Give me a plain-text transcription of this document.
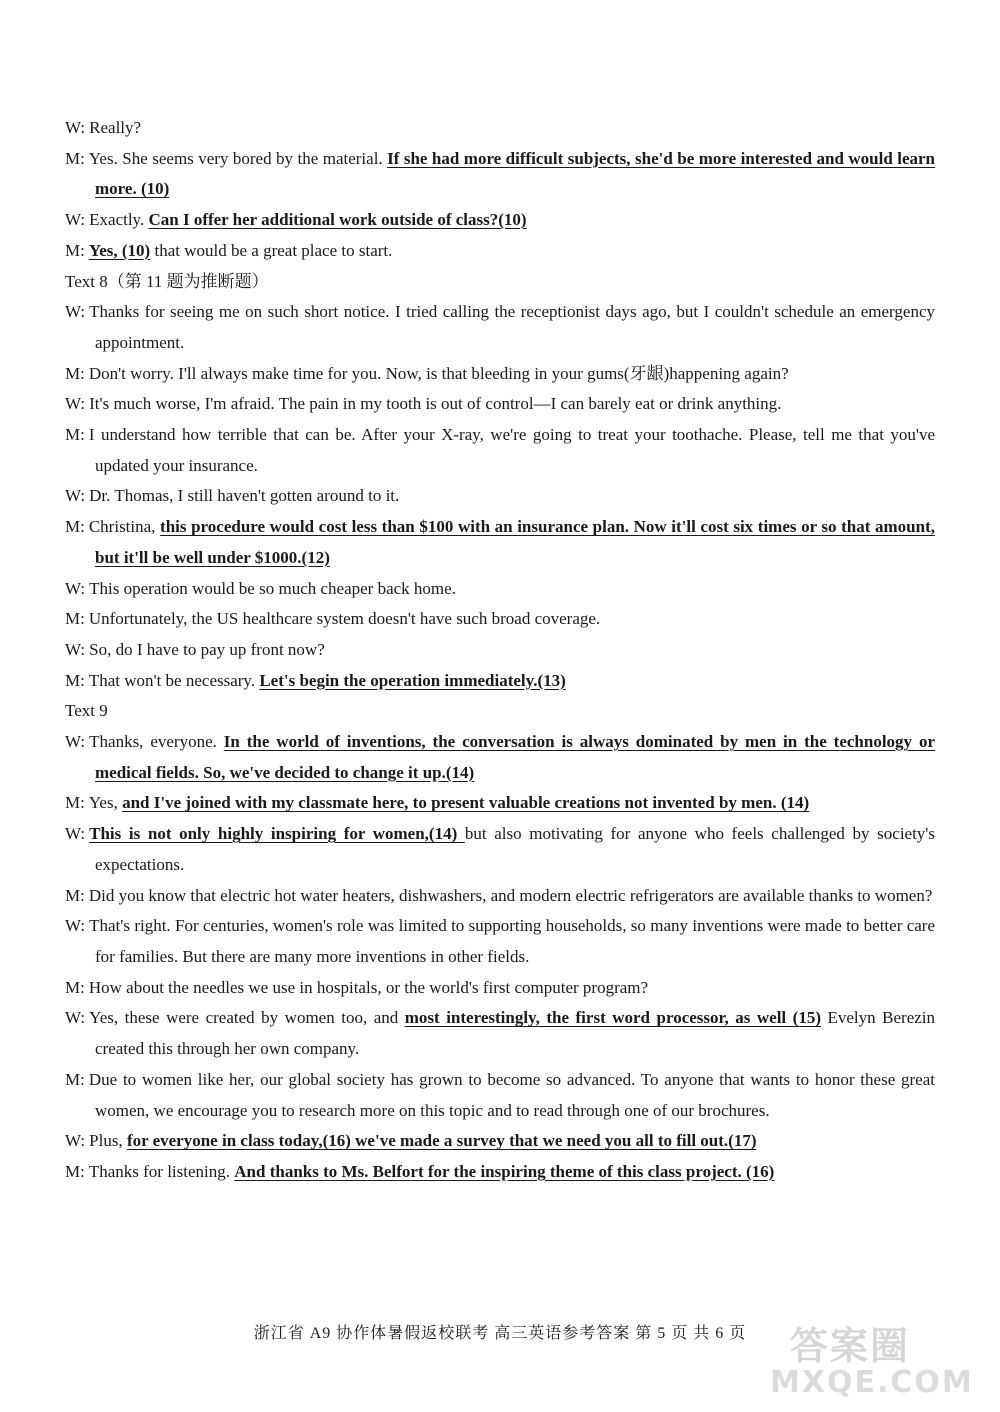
W: Really?
M: Yes. She seems very bored by the material. If she had more difficult subjects, she'd be more interested and would learn more. (10)
W: Exactly. Can I offer her additional work outside of class?(10)
M: Yes, (10) that would be a great place to start.
Text 8（第 11 题为推断题）
W: Thanks for seeing me on such short notice. I tried calling the receptionist days ago, but I couldn't schedule an emergency appointment.
M: Don't worry. I'll always make time for you. Now, is that bleeding in your gums(牙龈)happening again?
W: It's much worse, I'm afraid. The pain in my tooth is out of control—I can barely eat or drink anything.
M: I understand how terrible that can be. After your X-ray, we're going to treat your toothache. Please, tell me that you've updated your insurance.
W: Dr. Thomas, I still haven't gotten around to it.
M: Christina, this procedure would cost less than $100 with an insurance plan. Now it'll cost six times or so that amount, but it'll be well under $1000.(12)
W: This operation would be so much cheaper back home.
M: Unfortunately, the US healthcare system doesn't have such broad coverage.
W: So, do I have to pay up front now?
M: That won't be necessary. Let's begin the operation immediately.(13)
Text 9
W: Thanks, everyone. In the world of inventions, the conversation is always dominated by men in the technology or medical fields. So, we've decided to change it up.(14)
M: Yes, and I've joined with my classmate here, to present valuable creations not invented by men. (14)
W: This is not only highly inspiring for women,(14) but also motivating for anyone who feels challenged by society's expectations.
M: Did you know that electric hot water heaters, dishwashers, and modern electric refrigerators are available thanks to women?
W: That's right. For centuries, women's role was limited to supporting households, so many inventions were made to better care for families. But there are many more inventions in other fields.
M: How about the needles we use in hospitals, or the world's first computer program?
W: Yes, these were created by women too, and most interestingly, the first word processor, as well (15) Evelyn Berezin created this through her own company.
M: Due to women like her, our global society has grown to become so advanced. To anyone that wants to honor these great women, we encourage you to research more on this topic and to read through one of our brochures.
W: Plus, for everyone in class today,(16) we've made a survey that we need you all to fill out.(17)
M: Thanks for listening. And thanks to Ms. Belfort for the inspiring theme of this class project. (16)
浙江省 A9 协作体暑假返校联考 高三英语参考答案 第 5 页 共 6 页	答案圈
MXQE.COM
